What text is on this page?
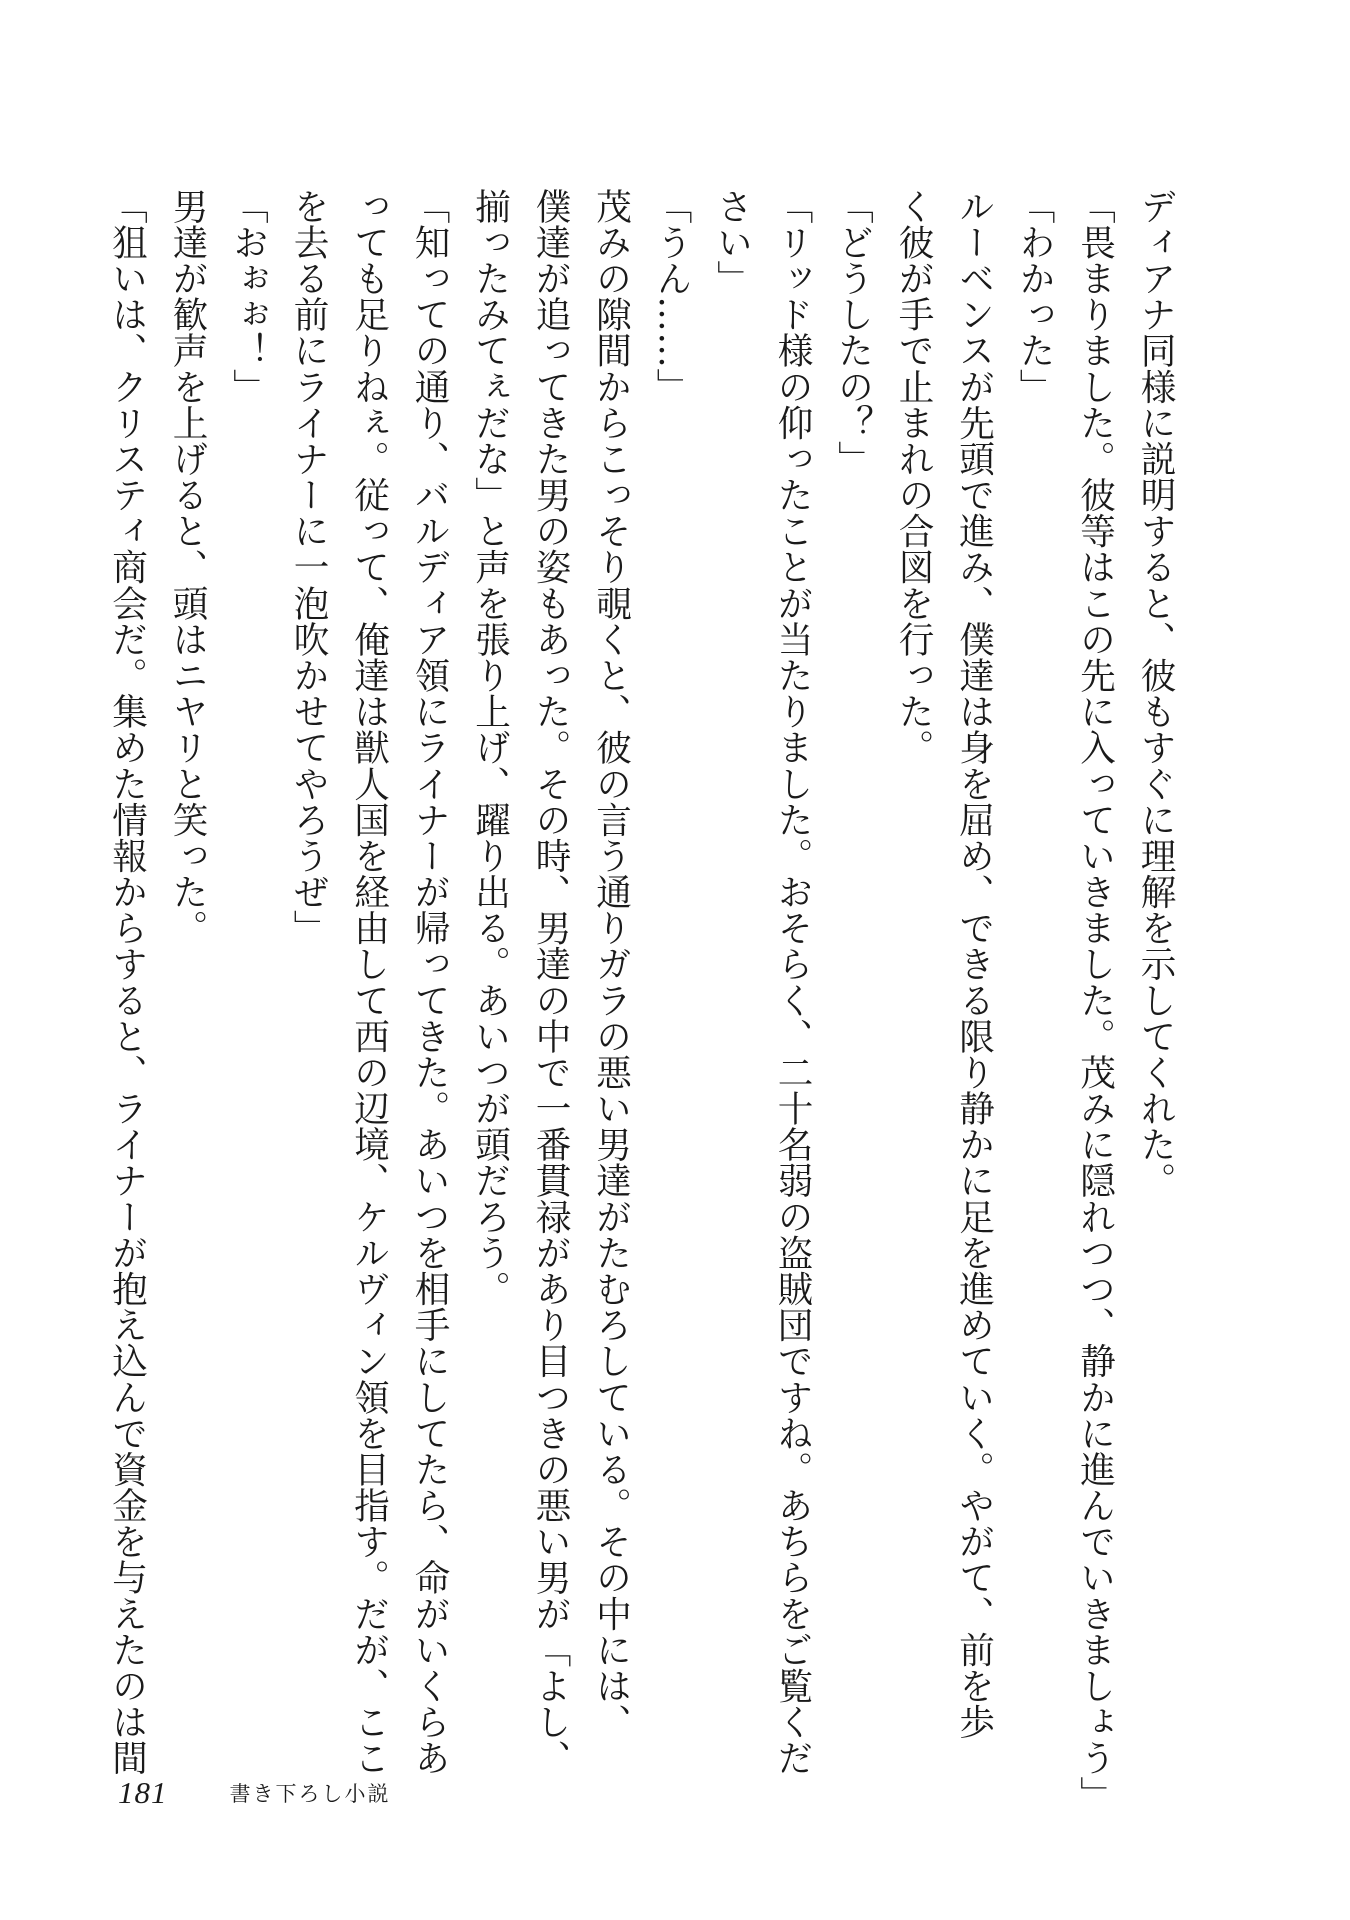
ディアナ同様に説明すると、彼もすぐに理解を示してくれた。

「畏まりました。彼等はこの先に入っていきました。茂みに隠れつつ、静かに進んでいきましょう」

「わかった」

ルーベンスが先頭で進み、僕達は身を屈め、できる限り静かに足を進めていく。やがて、前を歩

く彼が手で止まれの合図を行った。

「どうしたの？」

「リッド様の仰ったことが当たりました。おそらく、二十名弱の盗賊団ですね。あちらをご覧くだ

さい」

「うん……」

茂みの隙間からこっそり覗くと、彼の言う通りガラの悪い男達がたむろしている。その中には、

僕達が追ってきた男の姿もあった。その時、男達の中で一番貫禄があり目つきの悪い男が「よし、

揃ったみてぇだな」と声を張り上げ、躍り出る。あいつが頭だろう。

「知っての通り、バルディア領にライナーが帰ってきた。あいつを相手にしてたら、命がいくらあ

っても足りねぇ。従って、俺達は獣人国を経由して西の辺境、ケルヴィン領を目指す。だが、ここ

を去る前にライナーに一泡吹かせてやろうぜ」

「おぉぉ！」

男達が歓声を上げると、頭はニヤリと笑った。

「狙いは、クリスティ商会だ。集めた情報からすると、ライナーが抱え込んで資金を与えたのは間

181	書き下ろし小説
